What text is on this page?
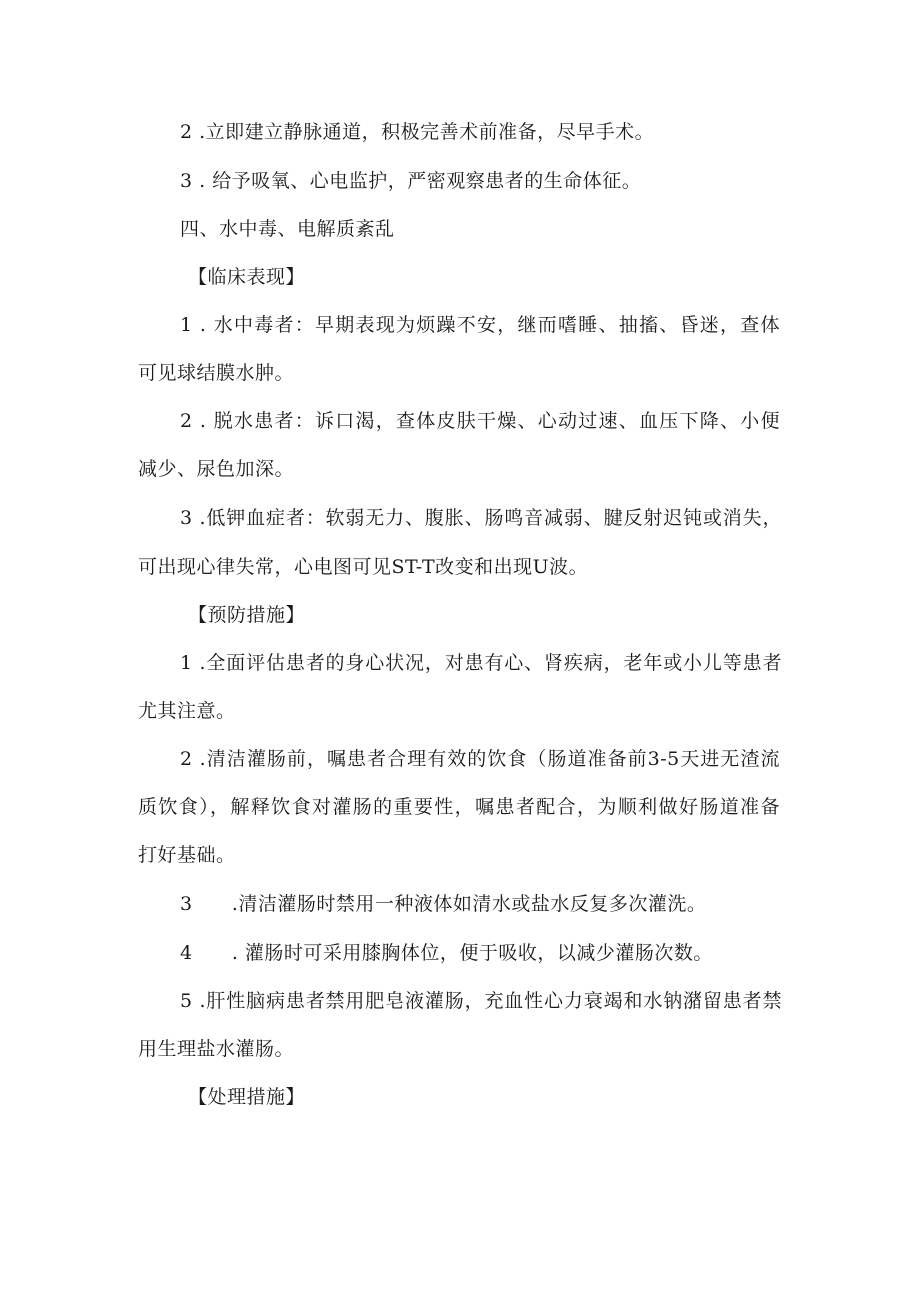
2 .立即建立静脉通道，积极完善术前准备，尽早手术。
3 . 给予吸氧、心电监护，严密观察患者的生命体征。
四、水中毒、电解质紊乱
【临床表现】
1 . 水中毒者：早期表现为烦躁不安，继而嗜睡、抽搐、昏迷，查体
可见球结膜水肿。
2 . 脱水患者：诉口渴，查体皮肤干燥、心动过速、血压下降、小便
减少、尿色加深。
3 .低钾血症者：软弱无力、腹胀、肠鸣音减弱、腱反射迟钝或消失，
可出现心律失常，心电图可见ST-T改变和出现U波。
【预防措施】
1 .全面评估患者的身心状况，对患有心、肾疾病，老年或小儿等患者
尤其注意。
2 .清洁灌肠前，嘱患者合理有效的饮食（肠道准备前3-5天进无渣流
质饮食），解释饮食对灌肠的重要性，嘱患者配合，为顺利做好肠道准备
打好基础。
3      .清洁灌肠时禁用一种液体如清水或盐水反复多次灌洗。
4      . 灌肠时可采用膝胸体位，便于吸收，以减少灌肠次数。
5 .肝性脑病患者禁用肥皂液灌肠，充血性心力衰竭和水钠潴留患者禁
用生理盐水灌肠。
【处理措施】
